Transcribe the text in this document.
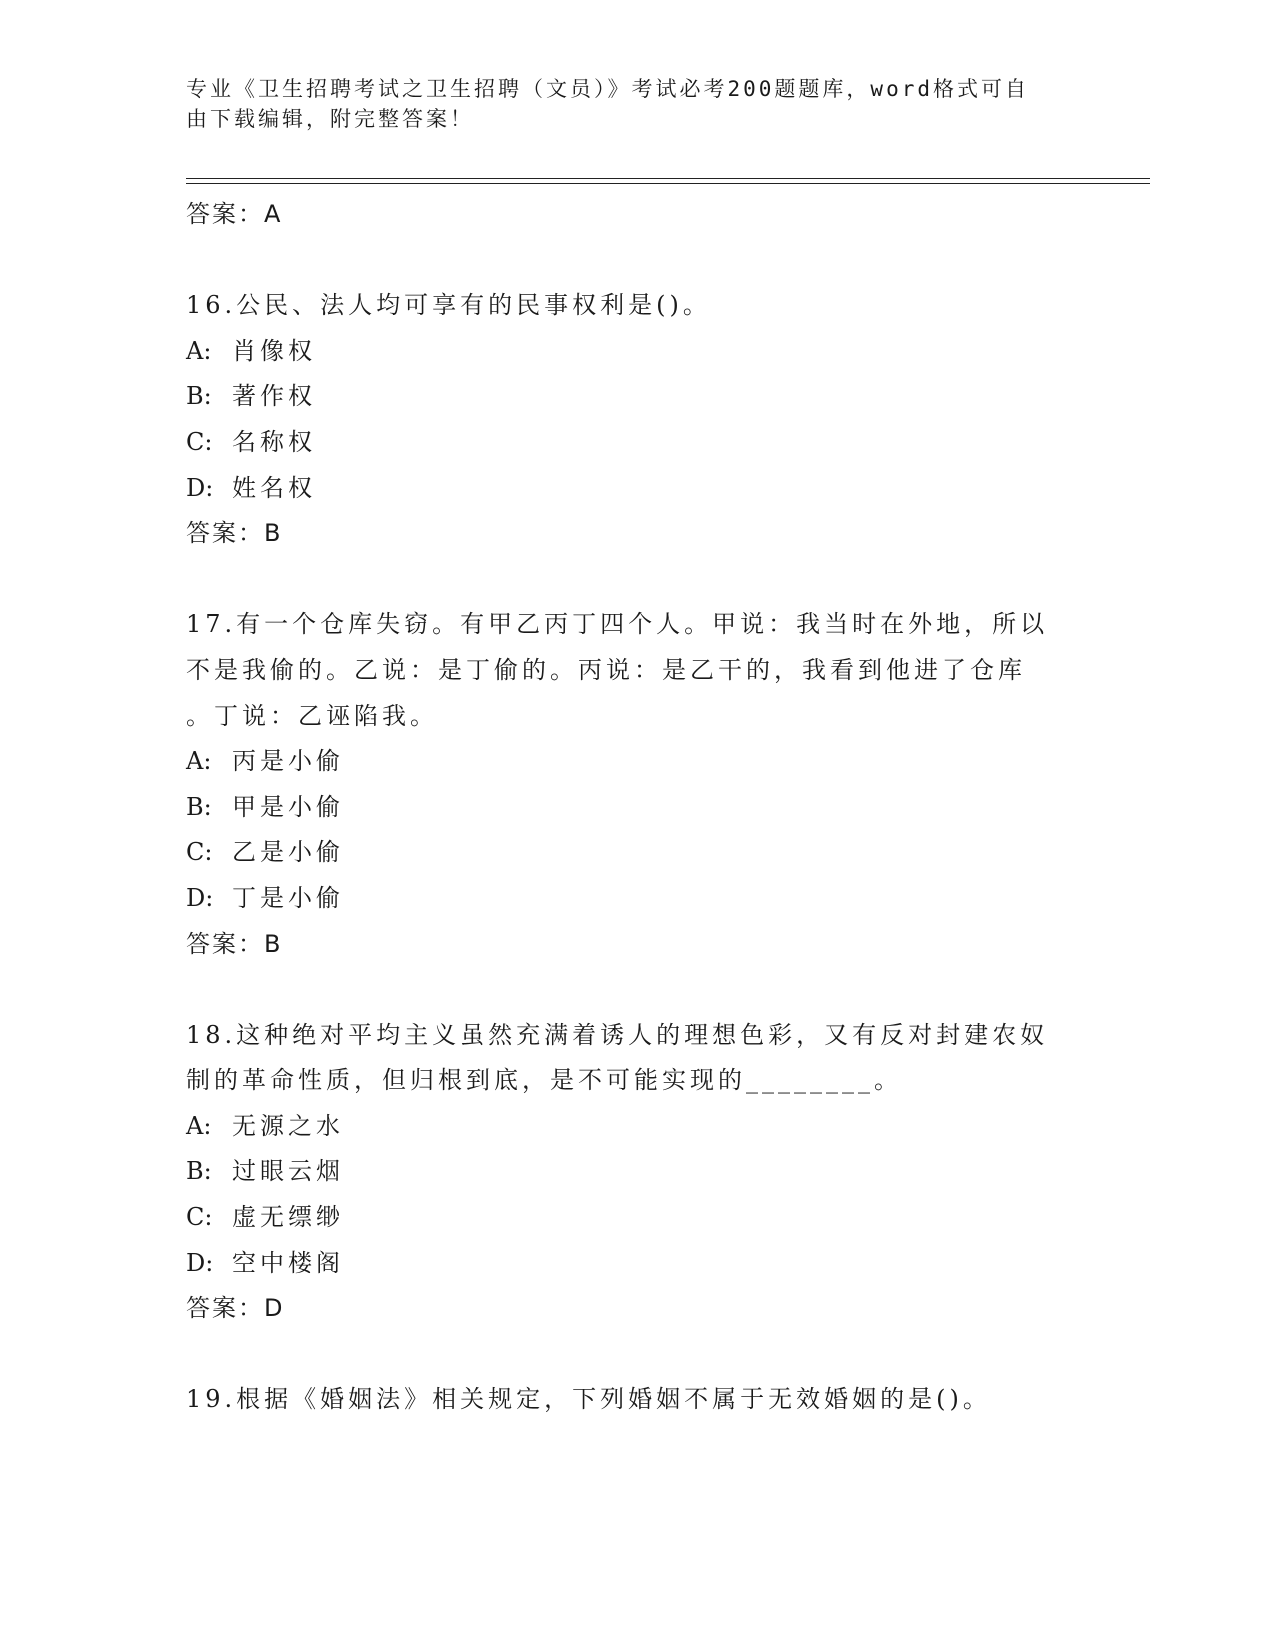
专业《卫生招聘考试之卫生招聘（文员）》考试必考200题题库，word格式可自
由下载编辑，附完整答案！
答案：A
16.公民、法人均可享有的民事权利是()。
A: 肖像权
B: 著作权
C: 名称权
D: 姓名权
答案：B
17.有一个仓库失窃。有甲乙丙丁四个人。甲说：我当时在外地，所以
不是我偷的。乙说：是丁偷的。丙说：是乙干的，我看到他进了仓库
。丁说：乙诬陷我。
A: 丙是小偷
B: 甲是小偷
C: 乙是小偷
D: 丁是小偷
答案：B
18.这种绝对平均主义虽然充满着诱人的理想色彩，又有反对封建农奴
制的革命性质，但归根到底，是不可能实现的________。
A: 无源之水
B: 过眼云烟
C: 虚无缥缈
D: 空中楼阁
答案：D
19.根据《婚姻法》相关规定，下列婚姻不属于无效婚姻的是()。
